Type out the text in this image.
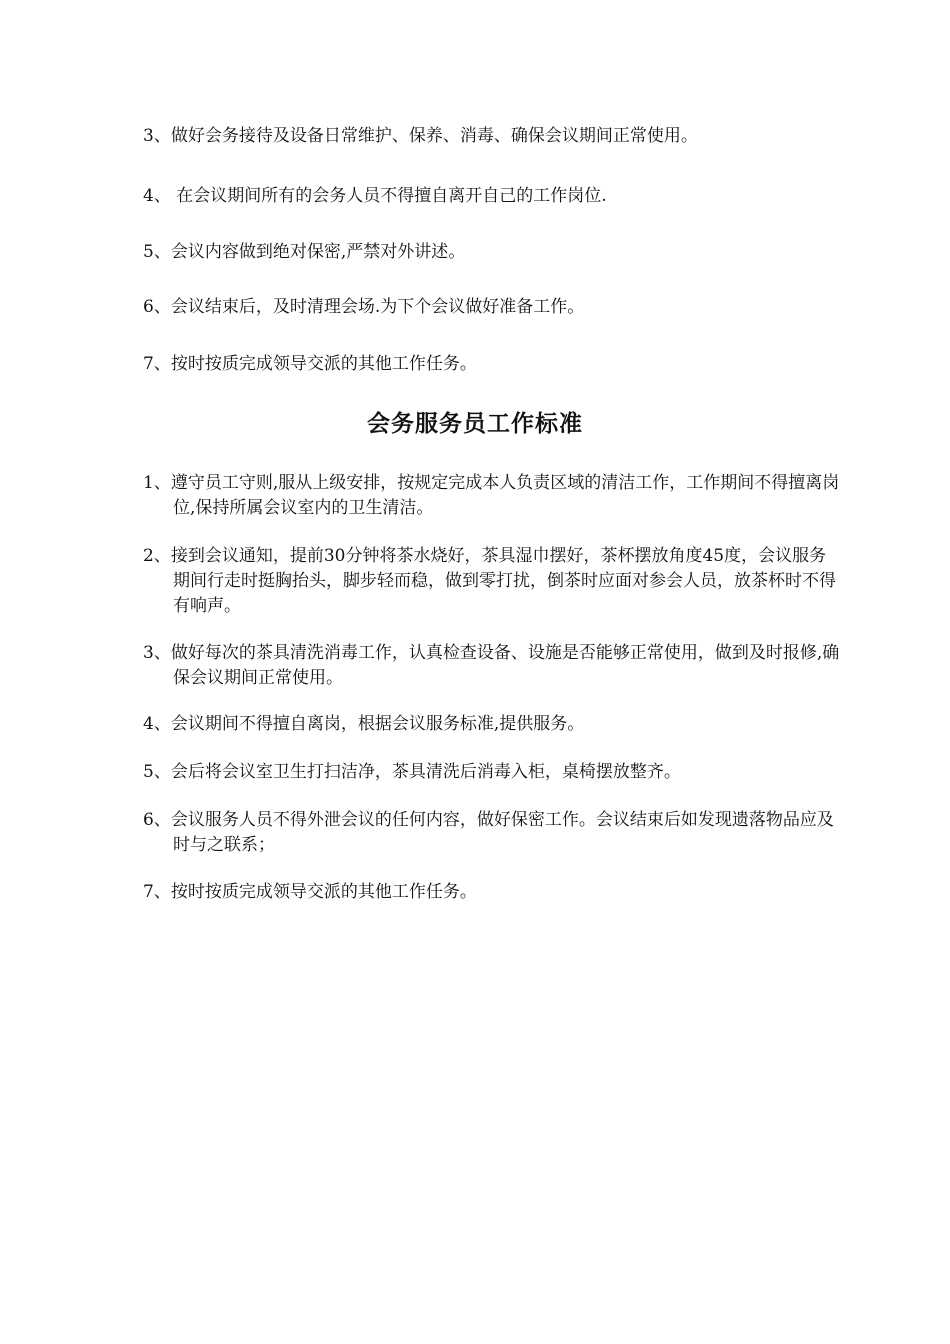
3、做好会务接待及设备日常维护、保养、消毒、确保会议期间正常使用。

4、 在会议期间所有的会务人员不得擅自离开自己的工作岗位.

5、会议内容做到绝对保密,严禁对外讲述。

6、会议结束后，及时清理会场.为下个会议做好准备工作。

7、按时按质完成领导交派的其他工作任务。

会务服务员工作标准

1、遵守员工守则,服从上级安排，按规定完成本人负责区域的清洁工作，工作期间不得擅离岗位,保持所属会议室内的卫生清洁。

2、接到会议通知，提前30分钟将茶水烧好，茶具湿巾摆好，茶杯摆放角度45度，会议服务期间行走时挺胸抬头，脚步轻而稳，做到零打扰，倒茶时应面对参会人员，放茶杯时不得有响声。

3、做好每次的茶具清洗消毒工作，认真检查设备、设施是否能够正常使用，做到及时报修,确保会议期间正常使用。

4、会议期间不得擅自离岗，根据会议服务标准,提供服务。

5、会后将会议室卫生打扫洁净，茶具清洗后消毒入柜，桌椅摆放整齐。

6、会议服务人员不得外泄会议的任何内容，做好保密工作。会议结束后如发现遗落物品应及时与之联系；

7、按时按质完成领导交派的其他工作任务。
